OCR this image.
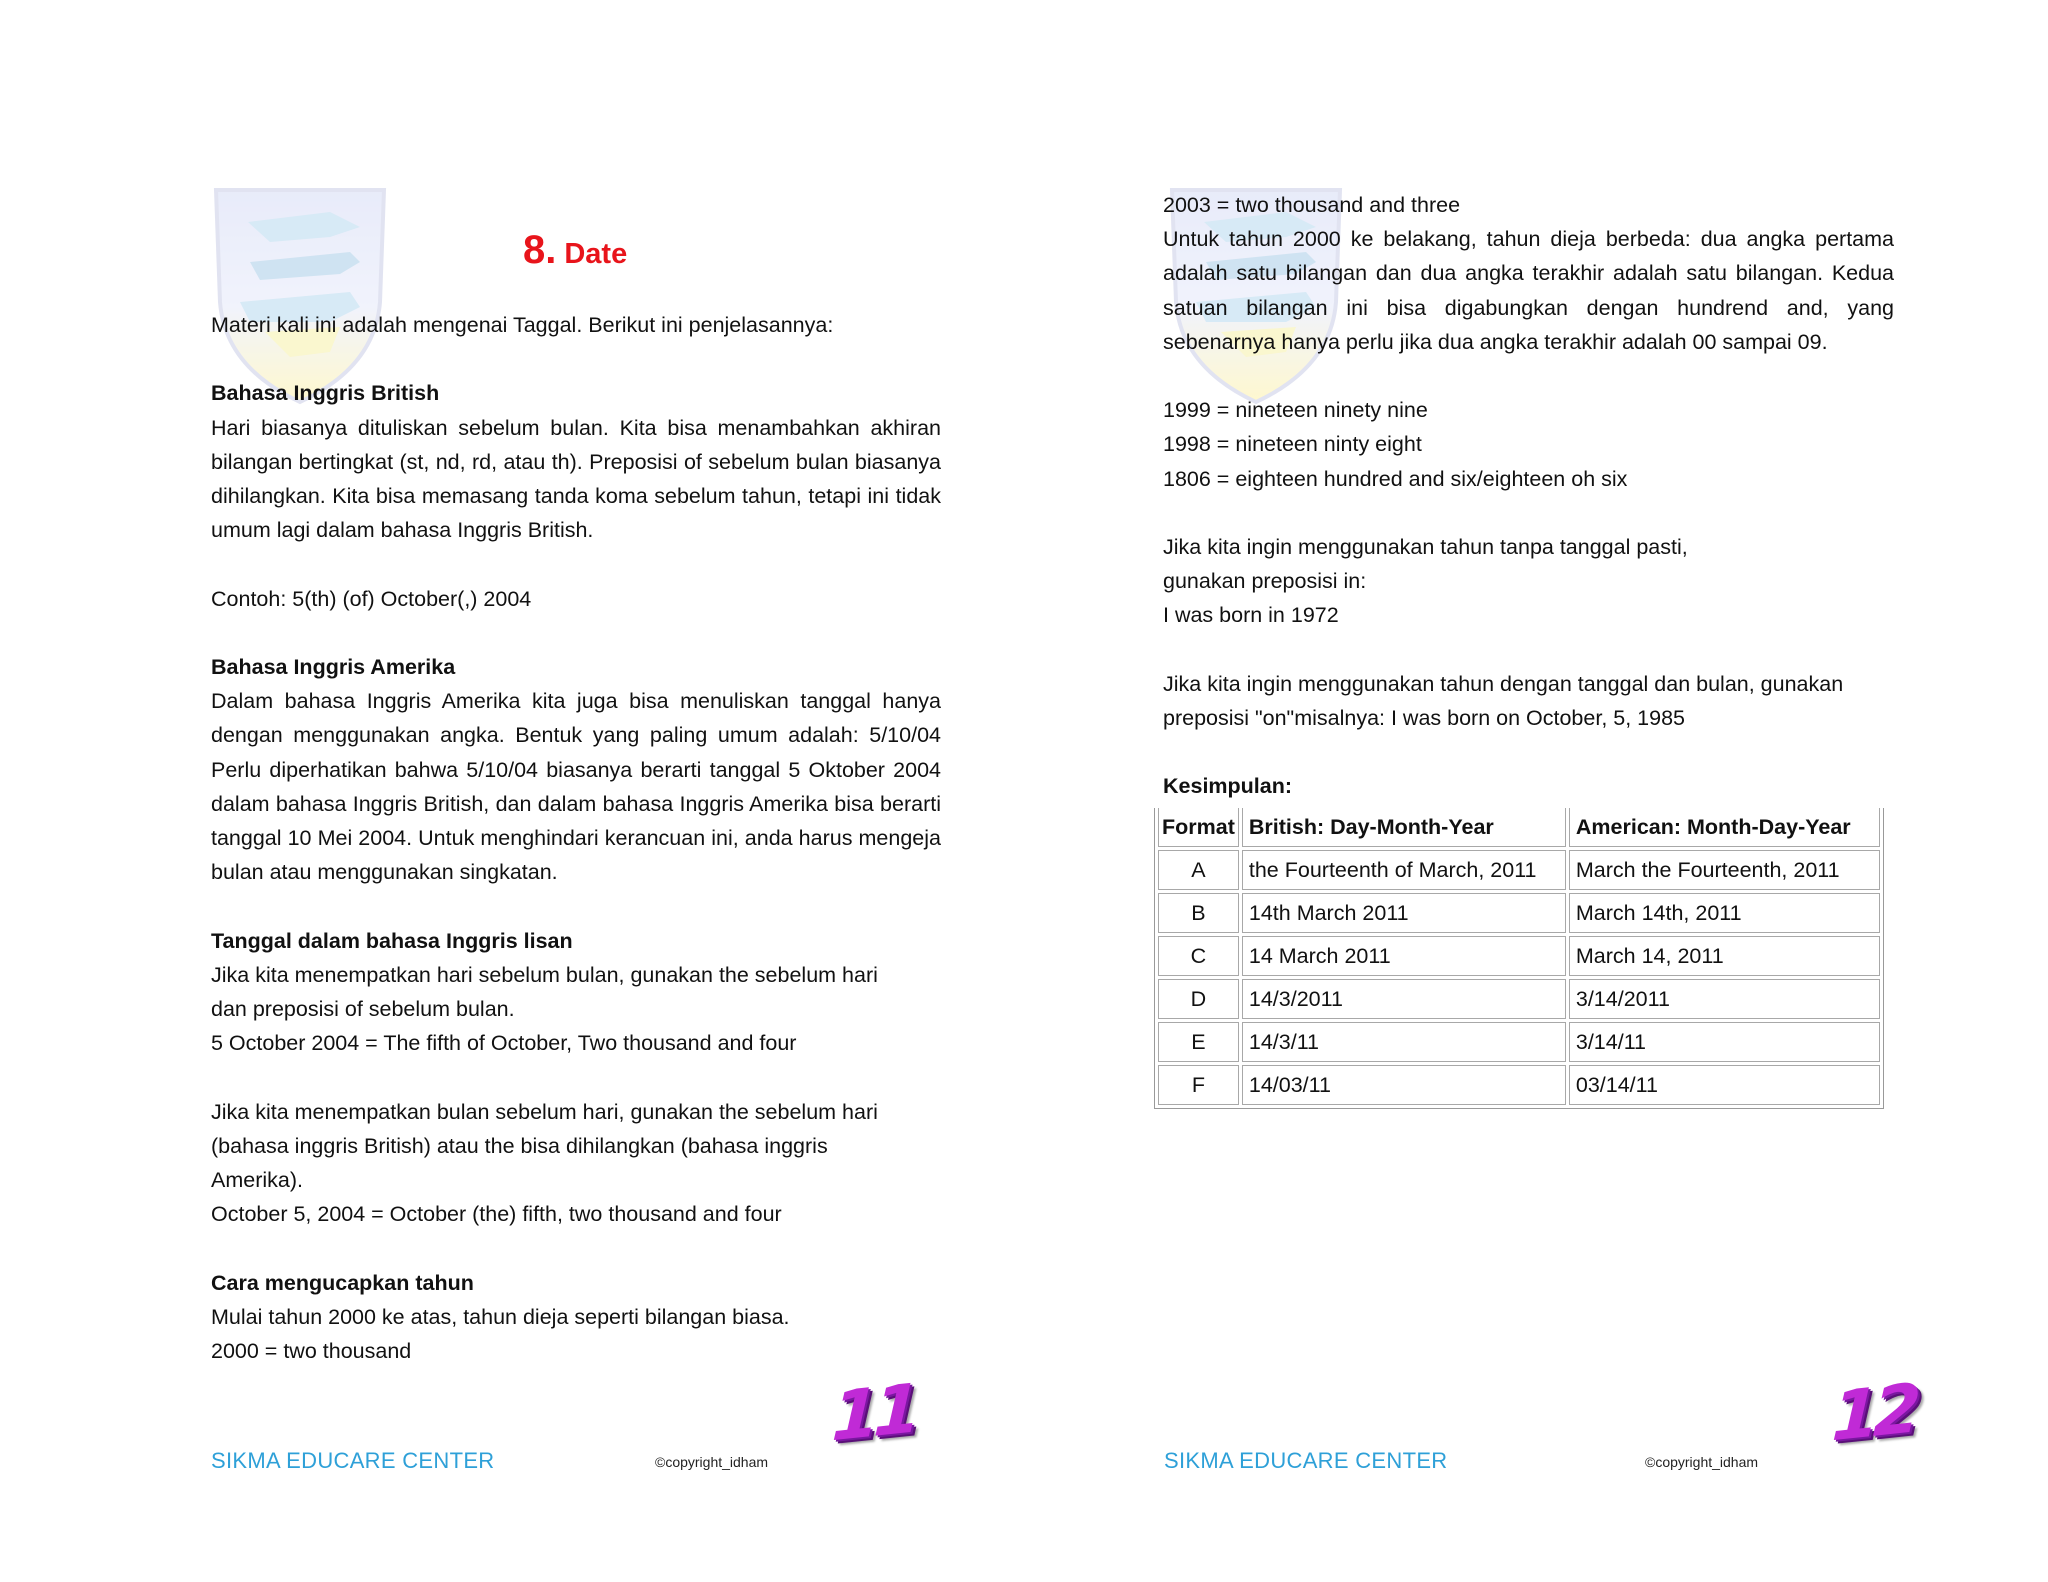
8. Date

Materi kali ini adalah mengenai Taggal. Berikut ini penjelasannya:

Bahasa Inggris British

Hari biasanya dituliskan sebelum bulan. Kita bisa menambahkan akhiran bilangan bertingkat (st, nd, rd, atau th). Preposisi of sebelum bulan biasanya dihilangkan. Kita bisa memasang tanda koma sebelum tahun, tetapi ini tidak umum lagi dalam bahasa Inggris British.

Contoh: 5(th) (of) October(,) 2004

Bahasa Inggris Amerika

Dalam bahasa Inggris Amerika kita juga bisa menuliskan tanggal hanya dengan menggunakan angka. Bentuk yang paling umum adalah: 5/10/04 Perlu diperhatikan bahwa 5/10/04 biasanya berarti tanggal 5 Oktober 2004 dalam bahasa Inggris British, dan dalam bahasa Inggris Amerika bisa berarti tanggal 10 Mei 2004. Untuk menghindari kerancuan ini, anda harus mengeja bulan atau menggunakan singkatan.

Tanggal dalam bahasa Inggris lisan

Jika kita menempatkan hari sebelum bulan, gunakan the sebelum hari

dan preposisi of sebelum bulan.

5 October 2004 = The fifth of October, Two thousand and four

Jika kita menempatkan bulan sebelum hari, gunakan the sebelum hari

(bahasa inggris British) atau the bisa dihilangkan (bahasa inggris

Amerika).

October 5, 2004 = October (the) fifth, two thousand and four

Cara mengucapkan tahun

Mulai tahun 2000 ke atas, tahun dieja seperti bilangan biasa.

2000 = two thousand

SIKMA EDUCARE CENTER	©copyright_idham
11

2003 = two thousand and three

Untuk tahun 2000 ke belakang, tahun dieja berbeda: dua angka pertama adalah satu bilangan dan dua angka terakhir adalah satu bilangan. Kedua satuan bilangan ini bisa digabungkan dengan hundrend and, yang sebenarnya hanya perlu jika dua angka terakhir adalah 00 sampai 09.

1999 = nineteen ninety nine

1998 = nineteen ninty eight

1806 = eighteen hundred and six/eighteen oh six

Jika kita ingin menggunakan tahun tanpa tanggal pasti,

gunakan preposisi in:

I was born in 1972

Jika kita ingin menggunakan tahun dengan tanggal dan bulan, gunakan preposisi "on"misalnya: I was born on October, 5, 1985

Kesimpulan:

Format	British: Day-Month-Year	American: Month-Day-Year
A	the Fourteenth of March, 2011	March the Fourteenth, 2011
B	14th March 2011	March 14th, 2011
C	14 March 2011	March 14, 2011
D	14/3/2011	3/14/2011
E	14/3/11	3/14/11
F	14/03/11	03/14/11
SIKMA EDUCARE CENTER	©copyright_idham
12
